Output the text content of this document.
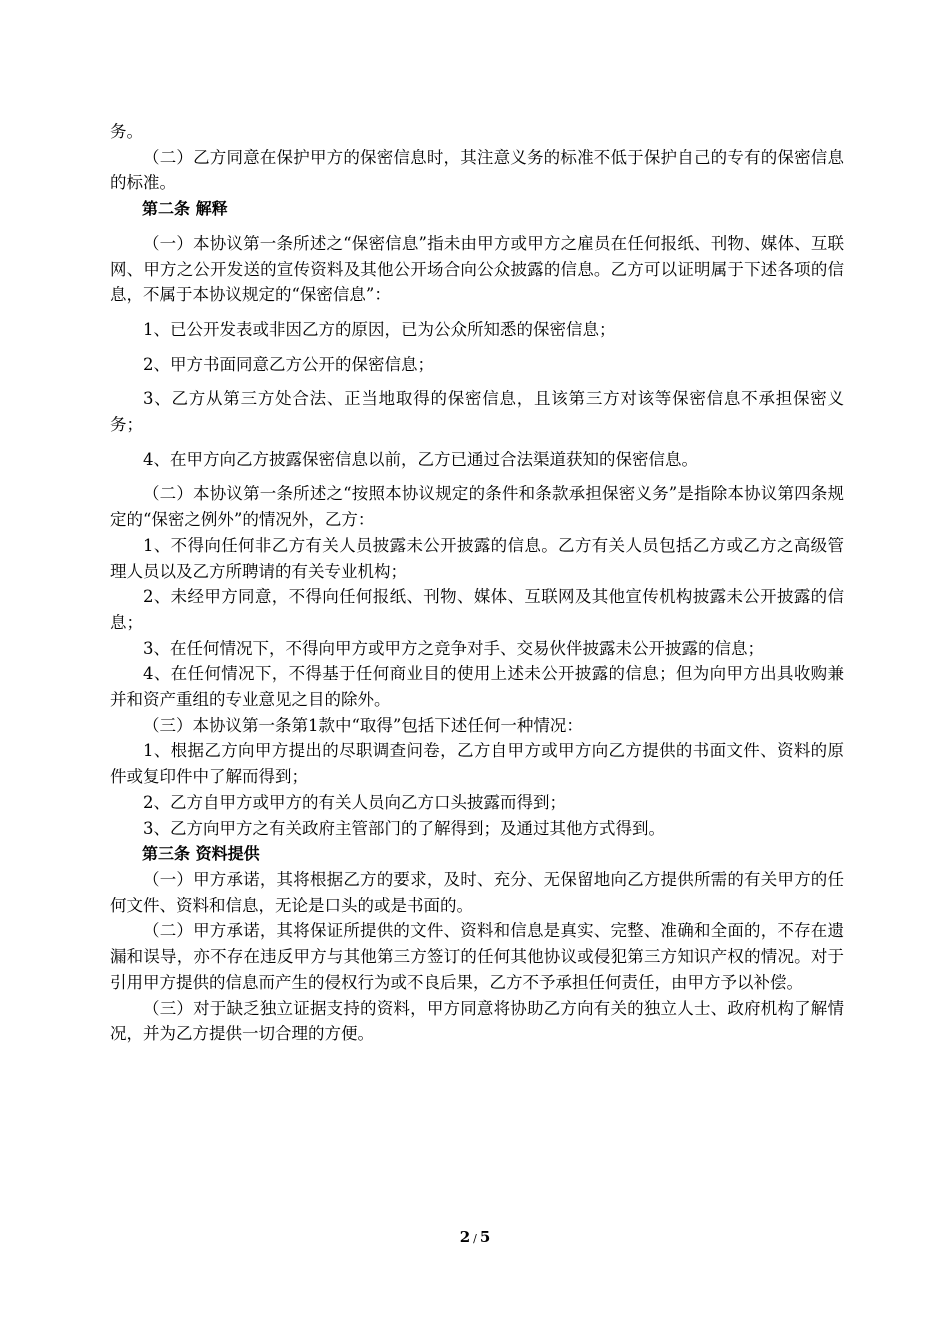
务。

（二）乙方同意在保护甲方的保密信息时，其注意义务的标准不低于保护自己的专有的保密信息的标准。

第二条 解释

（一）本协议第一条所述之“保密信息”指未由甲方或甲方之雇员在任何报纸、刊物、媒体、互联网、甲方之公开发送的宣传资料及其他公开场合向公众披露的信息。乙方可以证明属于下述各项的信息，不属于本协议规定的“保密信息”：

1、已公开发表或非因乙方的原因，已为公众所知悉的保密信息；

2、甲方书面同意乙方公开的保密信息；

3、乙方从第三方处合法、正当地取得的保密信息，且该第三方对该等保密信息不承担保密义务；

4、在甲方向乙方披露保密信息以前，乙方已通过合法渠道获知的保密信息。

（二）本协议第一条所述之“按照本协议规定的条件和条款承担保密义务”是指除本协议第四条规定的“保密之例外”的情况外，乙方：

1、不得向任何非乙方有关人员披露未公开披露的信息。乙方有关人员包括乙方或乙方之高级管理人员以及乙方所聘请的有关专业机构；

2、未经甲方同意，不得向任何报纸、刊物、媒体、互联网及其他宣传机构披露未公开披露的信息；

3、在任何情况下，不得向甲方或甲方之竞争对手、交易伙伴披露未公开披露的信息；

4、在任何情况下，不得基于任何商业目的使用上述未公开披露的信息；但为向甲方出具收购兼并和资产重组的专业意见之目的除外。

（三）本协议第一条第1款中“取得”包括下述任何一种情况：

1、根据乙方向甲方提出的尽职调查问卷，乙方自甲方或甲方向乙方提供的书面文件、资料的原件或复印件中了解而得到；

2、乙方自甲方或甲方的有关人员向乙方口头披露而得到；

3、乙方向甲方之有关政府主管部门的了解得到；及通过其他方式得到。

第三条 资料提供

（一）甲方承诺，其将根据乙方的要求，及时、充分、无保留地向乙方提供所需的有关甲方的任何文件、资料和信息，无论是口头的或是书面的。

（二）甲方承诺，其将保证所提供的文件、资料和信息是真实、完整、准确和全面的，不存在遗漏和误导，亦不存在违反甲方与其他第三方签订的任何其他协议或侵犯第三方知识产权的情况。对于引用甲方提供的信息而产生的侵权行为或不良后果，乙方不予承担任何责任，由甲方予以补偿。

（三）对于缺乏独立证据支持的资料，甲方同意将协助乙方向有关的独立人士、政府机构了解情况，并为乙方提供一切合理的方便。

2 / 5
